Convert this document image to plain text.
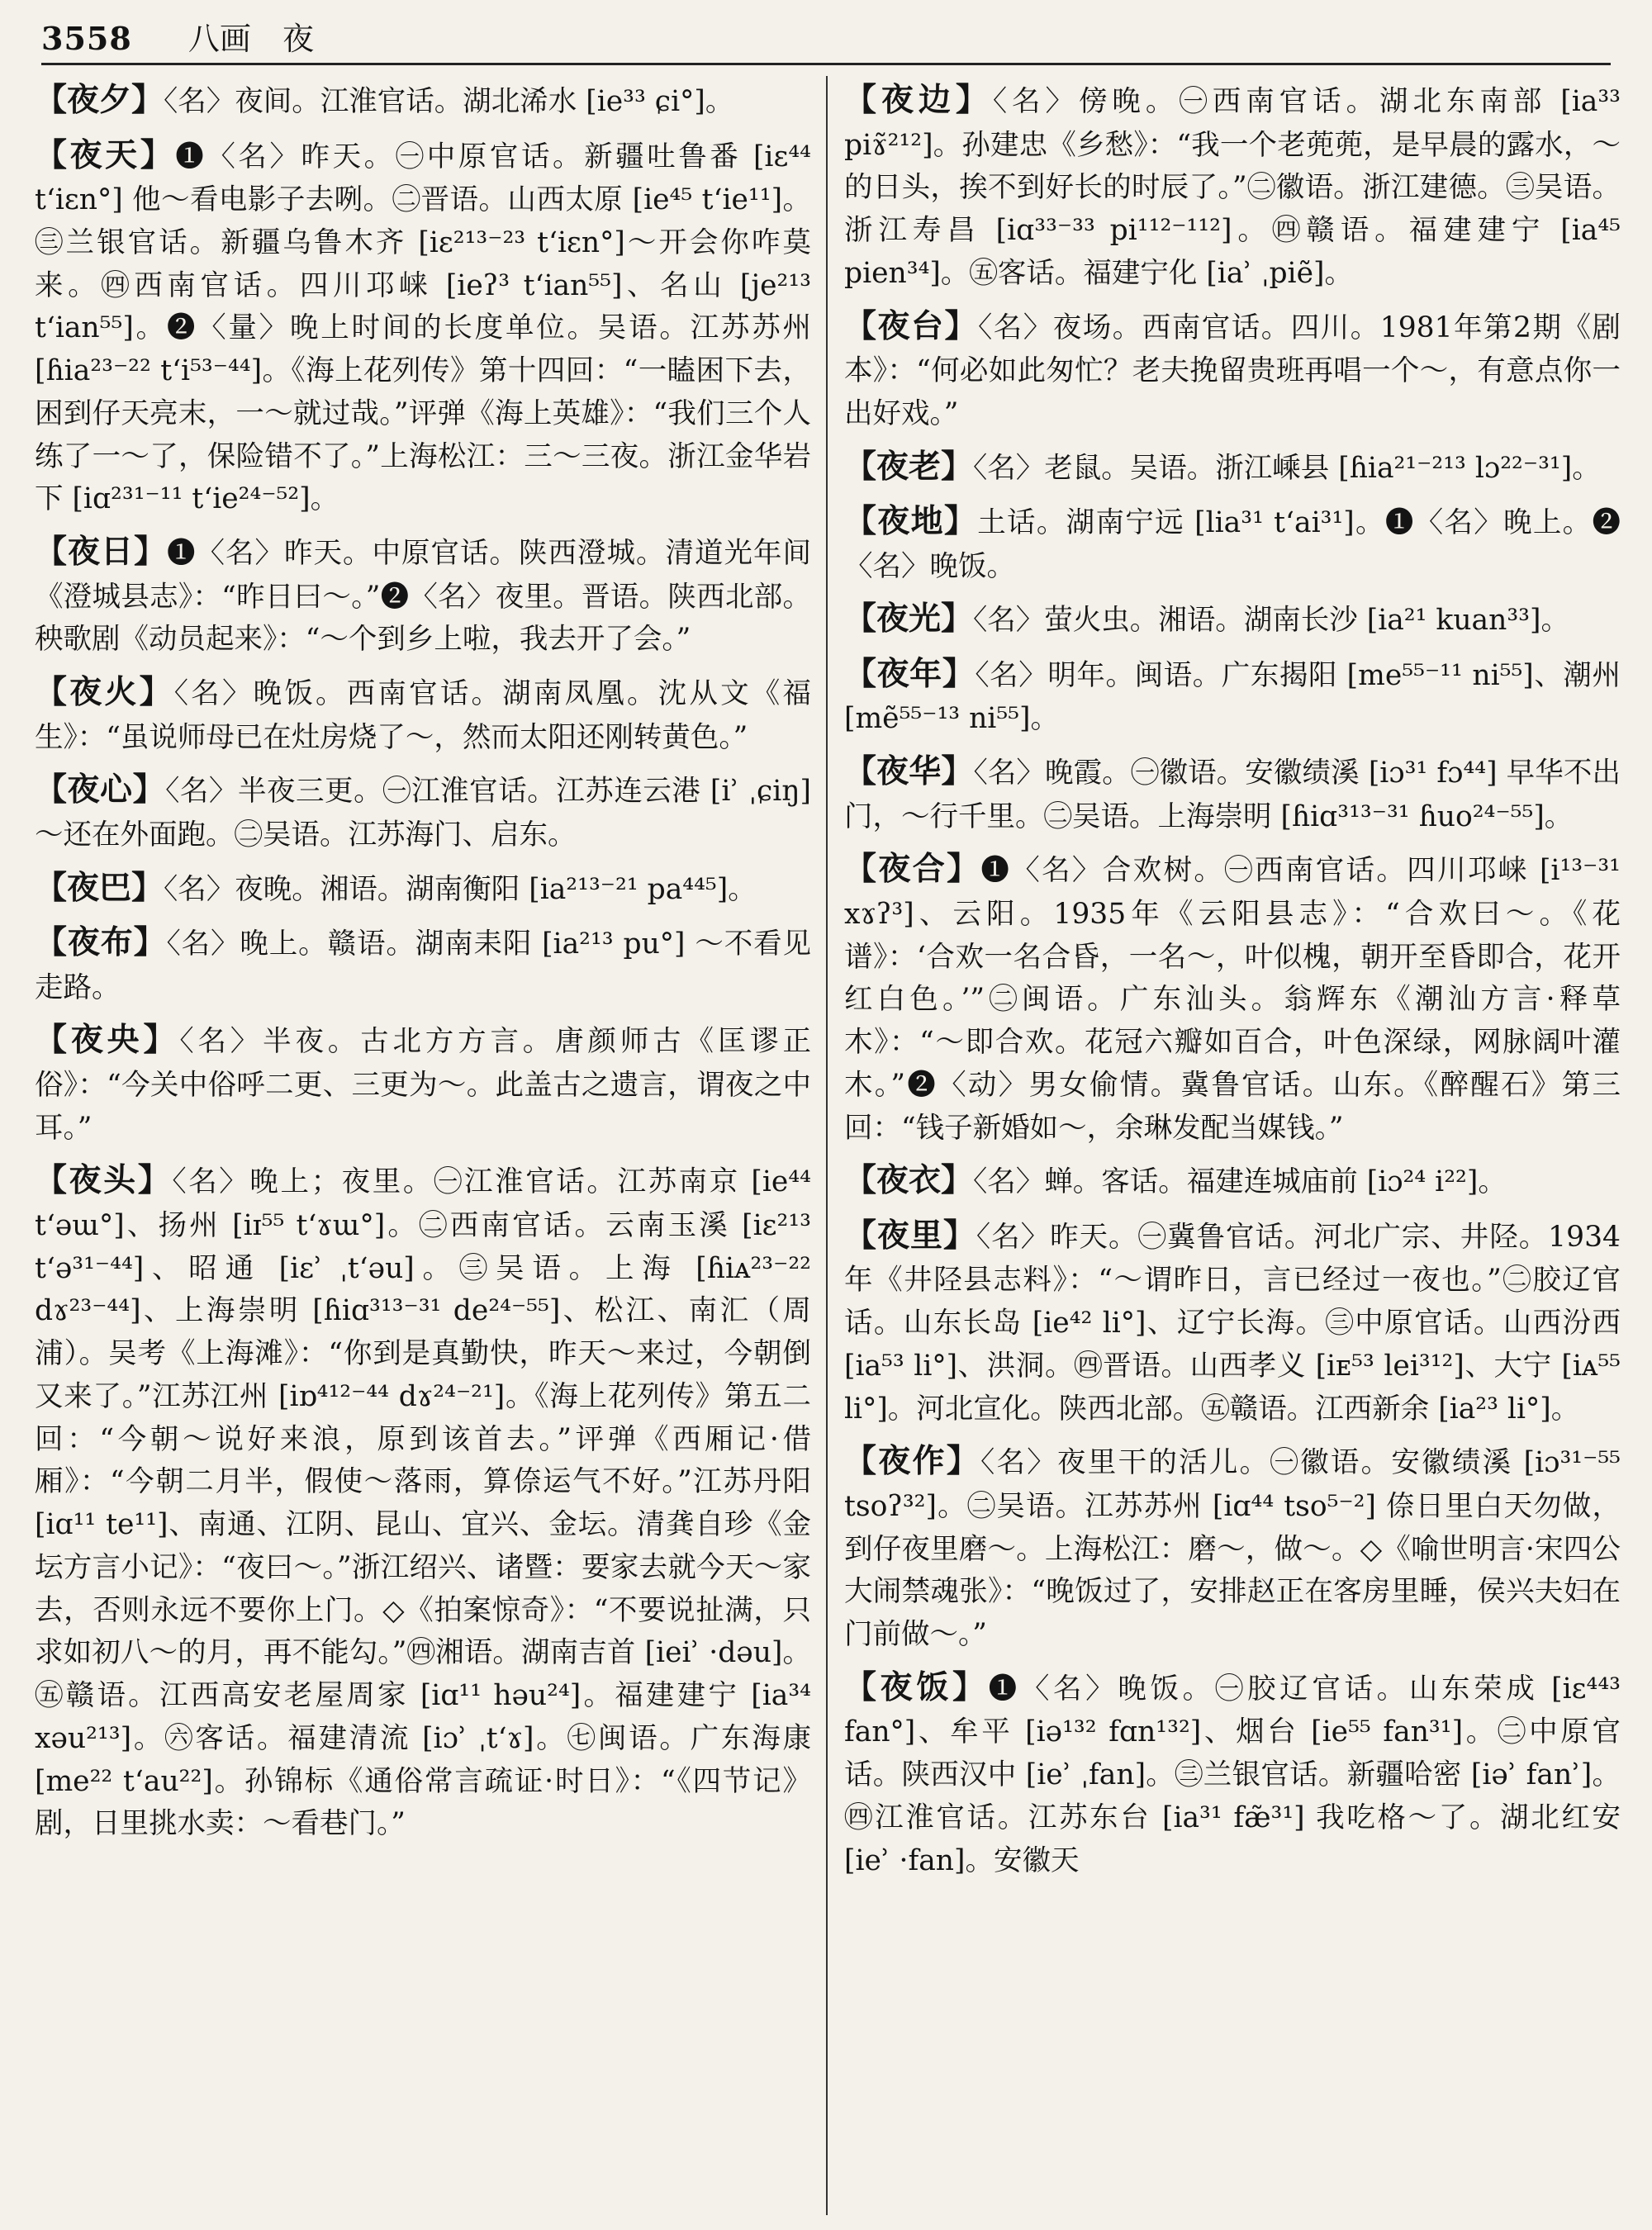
3558 八画 夜
【夜夕】〈名〉夜间。江淮官话。湖北浠水 [ie³³ ɕi°]。
【夜天】❶〈名〉昨天。㊀中原官话。新疆吐鲁番 [iɛ⁴⁴ tʻiɛn°] 他～看电影子去咧。㊁晋语。山西太原 [ie⁴⁵ tʻie¹¹]。㊂兰银官话。新疆乌鲁木齐 [iɛ²¹³⁻²³ tʻiɛn°]～开会你咋莫来。㊃西南官话。四川邛崃 [ieʔ³ tʻian⁵⁵]、名山 [je²¹³ tʻian⁵⁵]。❷〈量〉晚上时间的长度单位。吴语。江苏苏州 [ɦia²³⁻²² tʻi⁵³⁻⁴⁴]。《海上花列传》第十四回：“一瞌困下去，困到仔天亮末，一～就过哉。”评弹《海上英雄》：“我们三个人练了一～了，保险错不了。”上海松江：三～三夜。浙江金华岩下 [iɑ²³¹⁻¹¹ tʻie²⁴⁻⁵²]。
【夜日】❶〈名〉昨天。中原官话。陕西澄城。清道光年间《澄城县志》：“昨日曰～。”❷〈名〉夜里。晋语。陕西北部。秧歌剧《动员起来》：“～个到乡上啦，我去开了会。”
【夜火】〈名〉晚饭。西南官话。湖南凤凰。沈从文《福生》：“虽说师母已在灶房烧了～，然而太阳还刚转黄色。”
【夜心】〈名〉半夜三更。㊀江淮官话。江苏连云港 [iʾ ˌɕiŋ]～还在外面跑。㊁吴语。江苏海门、启东。
【夜巴】〈名〉夜晚。湘语。湖南衡阳 [ia²¹³⁻²¹ pa⁴⁴⁵]。
【夜布】〈名〉晚上。赣语。湖南耒阳 [ia²¹³ pu°] ～不看见走路。
【夜央】〈名〉半夜。古北方方言。唐颜师古《匡谬正俗》：“今关中俗呼二更、三更为～。此盖古之遗言，谓夜之中耳。”
【夜头】〈名〉晚上；夜里。㊀江淮官话。江苏南京 [ie⁴⁴ tʻəɯ°]、扬州 [iɪ⁵⁵ tʻɤɯ°]。㊁西南官话。云南玉溪 [iɛ²¹³ tʻə³¹⁻⁴⁴]、昭通 [iɛʾ ˌtʻəu]。㊂吴语。上海 [ɦiᴀ²³⁻²² dɤ²³⁻⁴⁴]、上海崇明 [ɦiɑ³¹³⁻³¹ de²⁴⁻⁵⁵]、松江、南汇（周浦）。吴考《上海滩》：“你到是真勤快，昨天～来过，今朝倒又来了。”江苏江州 [iɒ⁴¹²⁻⁴⁴ dɤ²⁴⁻²¹]。《海上花列传》第五二回：“今朝～说好来浪，原到该首去。”评弹《西厢记·借厢》：“今朝二月半，假使～落雨，算倷运气不好。”江苏丹阳 [iɑ¹¹ te¹¹]、南通、江阴、昆山、宜兴、金坛。清龚自珍《金坛方言小记》：“夜曰～。”浙江绍兴、诸暨：要家去就今天～家去，否则永远不要你上门。◇《拍案惊奇》：“不要说扯满，只求如初八～的月，再不能勾。”㊃湘语。湖南吉首 [ieiʾ ·dəu]。㊄赣语。江西高安老屋周家 [iɑ¹¹ həu²⁴]。福建建宁 [ia³⁴ xəu²¹³]。㊅客话。福建清流 [iɔʾ ˌtʻɤ]。㊆闽语。广东海康 [me²² tʻau²²]。孙锦标《通俗常言疏证·时日》：“《四节记》剧，日里挑水卖：～看巷门。”
【夜边】〈名〉傍晚。㊀西南官话。湖北东南部 [ia³³ piɤ̃²¹²]。孙建忠《乡愁》：“我一个老蔸蔸，是早晨的露水，～的日头，挨不到好长的时辰了。”㊁徽语。浙江建德。㊂吴语。浙江寿昌 [iɑ³³⁻³³ pi¹¹²⁻¹¹²]。㊃赣语。福建建宁 [ia⁴⁵ pien³⁴]。㊄客话。福建宁化 [iaʾ ˌpiẽ]。
【夜台】〈名〉夜场。西南官话。四川。1981年第2期《剧本》：“何必如此匆忙？老夫挽留贵班再唱一个～，有意点你一出好戏。”
【夜老】〈名〉老鼠。吴语。浙江嵊县 [ɦia²¹⁻²¹³ lɔ²²⁻³¹]。
【夜地】土话。湖南宁远 [lia³¹ tʻai³¹]。❶〈名〉晚上。❷〈名〉晚饭。
【夜光】〈名〉萤火虫。湘语。湖南长沙 [ia²¹ kuan³³]。
【夜年】〈名〉明年。闽语。广东揭阳 [me⁵⁵⁻¹¹ ni⁵⁵]、潮州 [mẽ⁵⁵⁻¹³ ni⁵⁵]。
【夜华】〈名〉晚霞。㊀徽语。安徽绩溪 [iɔ³¹ fɔ⁴⁴] 早华不出门，～行千里。㊁吴语。上海崇明 [ɦiɑ³¹³⁻³¹ ɦuo²⁴⁻⁵⁵]。
【夜合】❶〈名〉合欢树。㊀西南官话。四川邛崃 [i¹³⁻³¹ xɤʔ³]、云阳。1935年《云阳县志》：“合欢曰～。《花谱》：‘合欢一名合昏，一名～，叶似槐，朝开至昏即合，花开红白色。’”㊁闽语。广东汕头。翁辉东《潮汕方言·释草木》：“～即合欢。花冠六瓣如百合，叶色深绿，网脉阔叶灌木。”❷〈动〉男女偷情。冀鲁官话。山东。《醉醒石》第三回：“钱子新婚如～，余琳发配当媒钱。”
【夜衣】〈名〉蝉。客话。福建连城庙前 [iɔ²⁴ i²²]。
【夜里】〈名〉昨天。㊀冀鲁官话。河北广宗、井陉。1934年《井陉县志料》：“～谓昨日，言已经过一夜也。”㊁胶辽官话。山东长岛 [ie⁴² li°]、辽宁长海。㊂中原官话。山西汾西 [ia⁵³ li°]、洪洞。㊃晋语。山西孝义 [iᴇ⁵³ lei³¹²]、大宁 [iᴀ⁵⁵ li°]。河北宣化。陕西北部。㊄赣语。江西新余 [ia²³ li°]。
【夜作】〈名〉夜里干的活儿。㊀徽语。安徽绩溪 [iɔ³¹⁻⁵⁵ tsoʔ³²]。㊁吴语。江苏苏州 [iɑ⁴⁴ tso⁵⁻²] 倷日里白天勿做，到仔夜里磨～。上海松江：磨～，做～。◇《喻世明言·宋四公大闹禁魂张》：“晚饭过了，安排赵正在客房里睡，侯兴夫妇在门前做～。”
【夜饭】❶〈名〉晚饭。㊀胶辽官话。山东荣成 [iɛ⁴⁴³ fan°]、牟平 [iə¹³² fɑn¹³²]、烟台 [ie⁵⁵ fan³¹]。㊁中原官话。陕西汉中 [ieʾ ˌfan]。㊂兰银官话。新疆哈密 [iəʾ fanʾ]。㊃江淮官话。江苏东台 [ia³¹ fæ̃³¹] 我吃格～了。湖北红安 [ieʾ ·fan]。安徽天
